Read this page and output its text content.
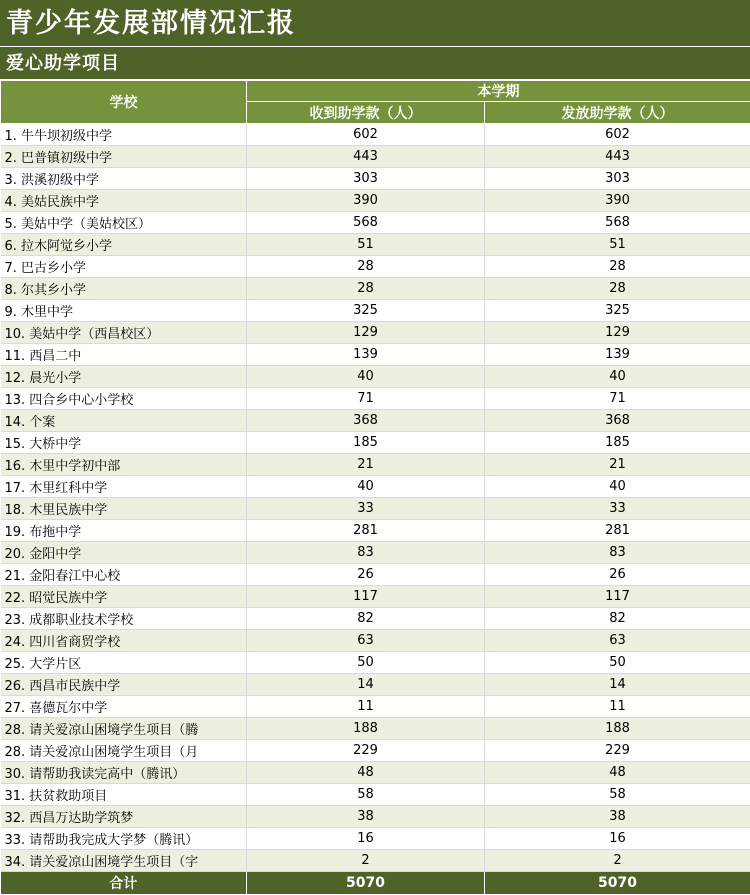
青少年发展部情况汇报
爱心助学项目
学校	本学期	
	收到助学款（人）	发放助学款（人）
1. 牛牛坝初级中学	602	602
2. 巴普镇初级中学	443	443
3. 洪溪初级中学	303	303
4. 美姑民族中学	390	390
5. 美姑中学（美姑校区）	568	568
6. 拉木阿觉乡小学	51	51
7. 巴古乡小学	28	28
8. 尔其乡小学	28	28
9. 木里中学	325	325
10. 美姑中学（西昌校区）	129	129
11. 西昌二中	139	139
12. 晨光小学	40	40
13. 四合乡中心小学校	71	71
14. 个案	368	368
15. 大桥中学	185	185
16. 木里中学初中部	21	21
17. 木里红科中学	40	40
18. 木里民族中学	33	33
19. 布拖中学	281	281
20. 金阳中学	83	83
21. 金阳春江中心校	26	26
22. 昭觉民族中学	117	117
23. 成都职业技术学校	82	82
24. 四川省商贸学校	63	63
25. 大学片区	50	50
26. 西昌市民族中学	14	14
27. 喜德瓦尔中学	11	11
28. 请关爱凉山困境学生项目（腾	188	188
28. 请关爱凉山困境学生项目（月	229	229
30. 请帮助我读完高中（腾讯）	48	48
31. 扶贫救助项目	58	58
32. 西昌万达助学筑梦	38	38
33. 请帮助我完成大学梦（腾讯）	16	16
34. 请关爱凉山困境学生项目（字	2	2
合计	5070	5070
